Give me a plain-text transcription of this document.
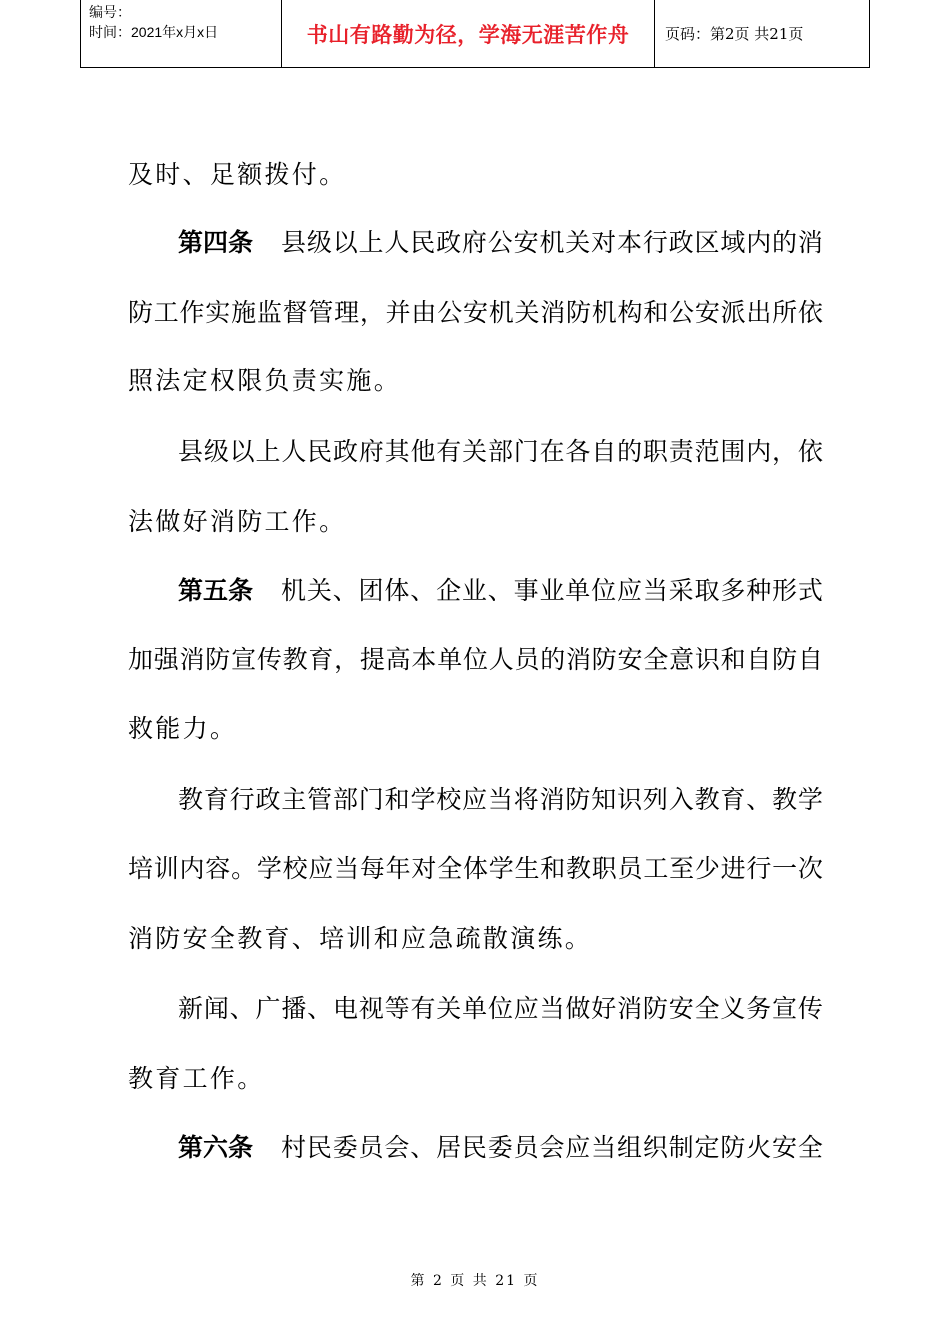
编号：
时间：2021年x月x日	书山有路勤为径，学海无涯苦作舟 页码：第2页 共21页
及时、足额拨付。
第四条 县 级 以 上 人 民 政 府 公 安 机 关 对 本 行 政 区 域 内 的 消
防 工 作 实 施 监 督 管 理 ， 并 由 公 安 机 关 消 防 机 构 和 公 安 派 出 所 依
照法定权限负责实施。
县 级 以 上 人 民 政 府 其 他 有 关 部 门 在 各 自 的 职 责 范 围 内 ， 依
法做好消防工作。
第五条 机 关 、 团 体 、 企 业 、 事 业 单 位 应 当 采 取 多 种 形 式
加 强 消 防 宣 传 教 育 ， 提 高 本 单 位 人 员 的 消 防 安 全 意 识 和 自 防 自
救能力。
教 育 行 政 主 管 部 门 和 学 校 应 当 将 消 防 知 识 列 入 教 育 、 教 学
培 训 内 容 。 学 校 应 当 每 年 对 全 体 学 生 和 教 职 员 工 至 少 进 行 一 次
消防安全教育、培训和应急疏散演练。
新 闻 、 广 播 、 电 视 等 有 关 单 位 应 当 做 好 消 防 安 全 义 务 宣 传
教育工作。
第六条 村 民 委 员 会 、 居 民 委 员 会 应 当 组 织 制 定 防 火 安 全
第 2 页 共 21 页
